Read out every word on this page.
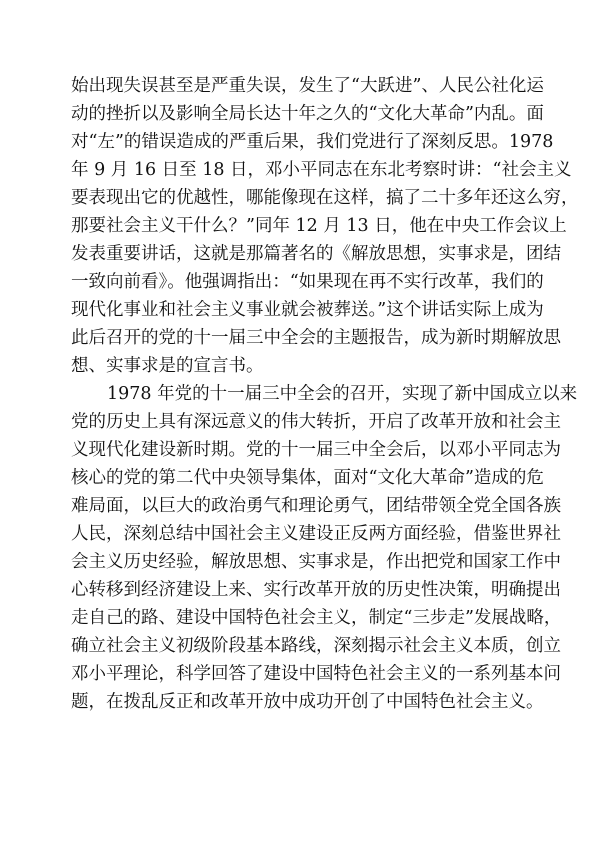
始出现失误甚至是严重失误，发生了“大跃进”、人民公社化运
动的挫折以及影响全局长达十年之久的“文化大革命”内乱。面
对“左”的错误造成的严重后果，我们党进行了深刻反思。1978
年 9 月 16 日至 18 日，邓小平同志在东北考察时讲：“社会主义
要表现出它的优越性，哪能像现在这样，搞了二十多年还这么穷，
那要社会主义干什么？”同年 12 月 13 日，他在中央工作会议上
发表重要讲话，这就是那篇著名的《解放思想，实事求是，团结
一致向前看》。他强调指出：“如果现在再不实行改革，我们的
现代化事业和社会主义事业就会被葬送。”这个讲话实际上成为
此后召开的党的十一届三中全会的主题报告，成为新时期解放思
想、实事求是的宣言书。
1978 年党的十一届三中全会的召开，实现了新中国成立以来
党的历史上具有深远意义的伟大转折，开启了改革开放和社会主
义现代化建设新时期。党的十一届三中全会后，以邓小平同志为
核心的党的第二代中央领导集体，面对“文化大革命”造成的危
难局面，以巨大的政治勇气和理论勇气，团结带领全党全国各族
人民，深刻总结中国社会主义建设正反两方面经验，借鉴世界社
会主义历史经验，解放思想、实事求是，作出把党和国家工作中
心转移到经济建设上来、实行改革开放的历史性决策，明确提出
走自己的路、建设中国特色社会主义，制定“三步走”发展战略，
确立社会主义初级阶段基本路线，深刻揭示社会主义本质，创立
邓小平理论，科学回答了建设中国特色社会主义的一系列基本问
题，在拨乱反正和改革开放中成功开创了中国特色社会主义。
